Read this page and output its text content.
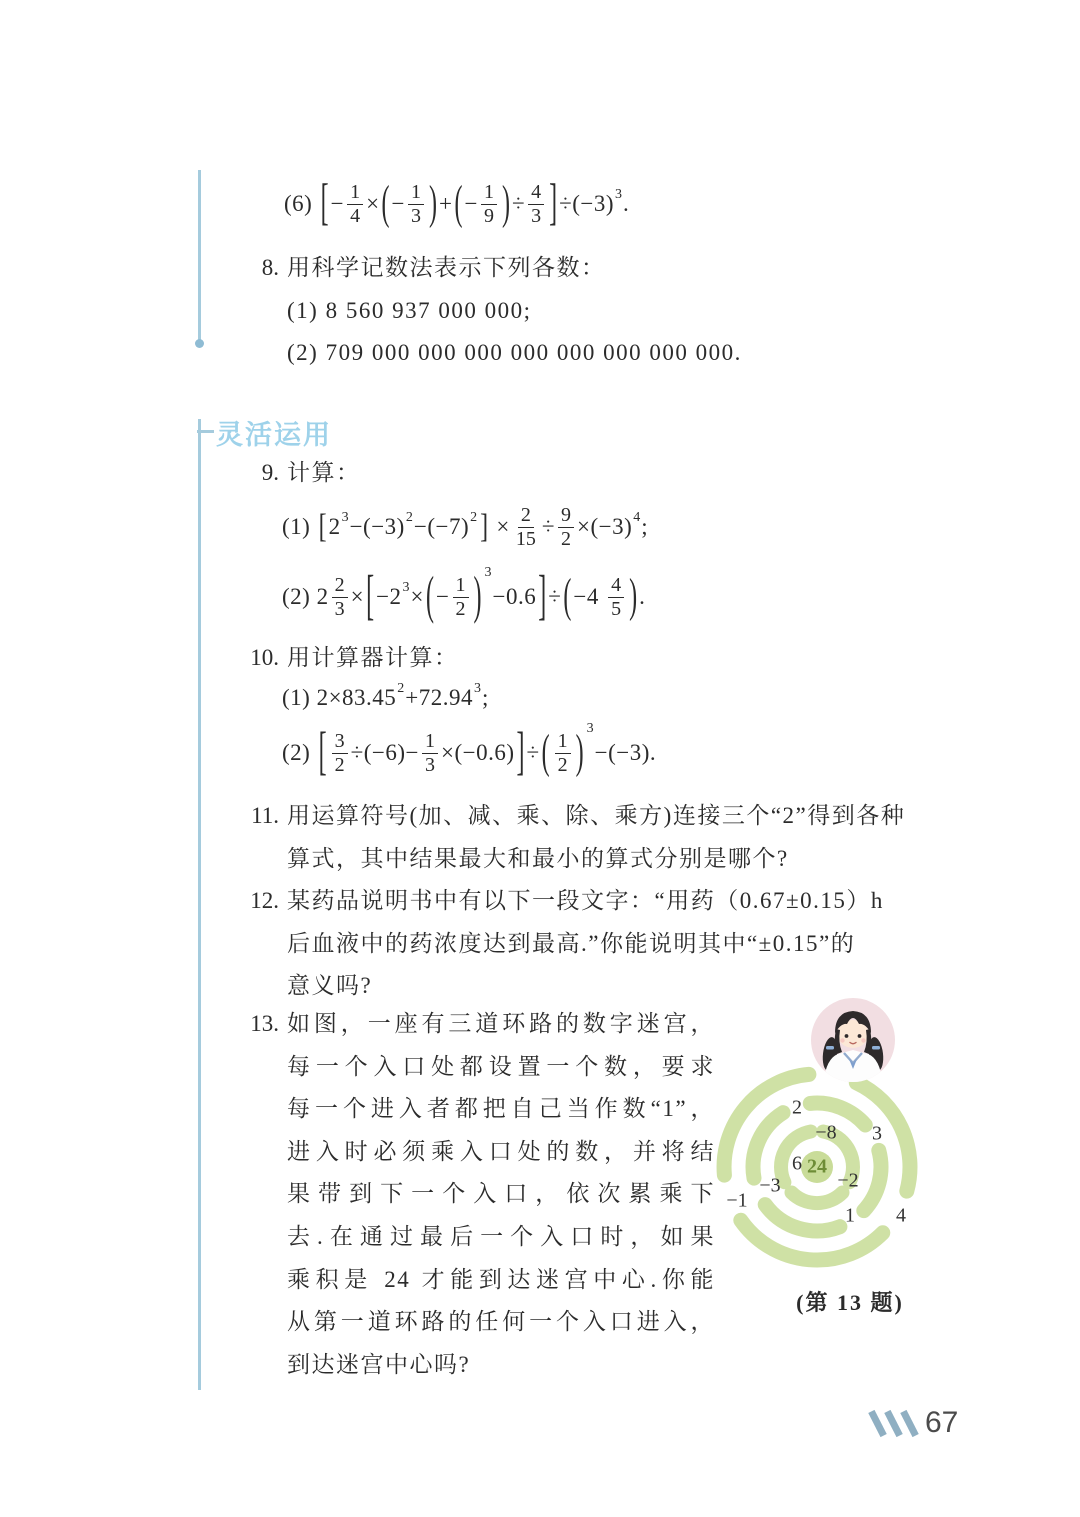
(6) [ − $\frac{1}{4}$ × ( − $\frac{1}{3}$ ) + ( − $\frac{1}{9}$ ) ÷ $\frac{4}{3}$ ] ÷(−3) 3 .
8. 用科学记数法表示下列各数：
(1) 8 560 937 000 000;
(2) 709 000 000 000 000 000 000 000 000.
灵活运用
9. 计算：
(1) [ 2 3 −(−3) 2 −(−7) 2 ] × $\frac{2}{15} \div \frac{9}{2} \times(-3)$ 4 ;
(2) $2 \frac{2}{3}$ × [ −2 3 × ( − $\frac{1}{2}$ ) 3
−0.6 ] ÷ ( $-4 \frac{4}{5}$ ) .
10. 用计算器计算：
(1) 2×83.45 2 +72.94 3 ;
(2) [ $\frac{3}{2} \div(-6)- \frac{1}{3} \times(-0.6)$ ] ÷ ( $\frac{1}{2}$ ) 3
−(−3).
11. 用运算符号(加、减、乘、除、乘方)连接三个“2”得到各种
算式，其中结果最大和最小的算式分别是哪个?
12. 某药品说明书中有以下一段文字：“用药（0.67±0.15）h
后血液中的药浓度达到最高.”你能说明其中“±0.15”的
意义吗?
13. 如图，一座有三道环路的数字迷宫，
每一个入口处都设置一个数，要求
每一个进入者都把自己当作数“1”，
进入时必须乘入口处的数，并将结
果带到下一个入口，依次累乘下
去.在通过最后一个入口时，如果
乘积是 24 才能到达迷宫中心.你能
从第一道环路的任何一个入口进入，
到达迷宫中心吗?
24
2
−8 3
6
−2
−3
−1
1 4
(第 13 题)
67
